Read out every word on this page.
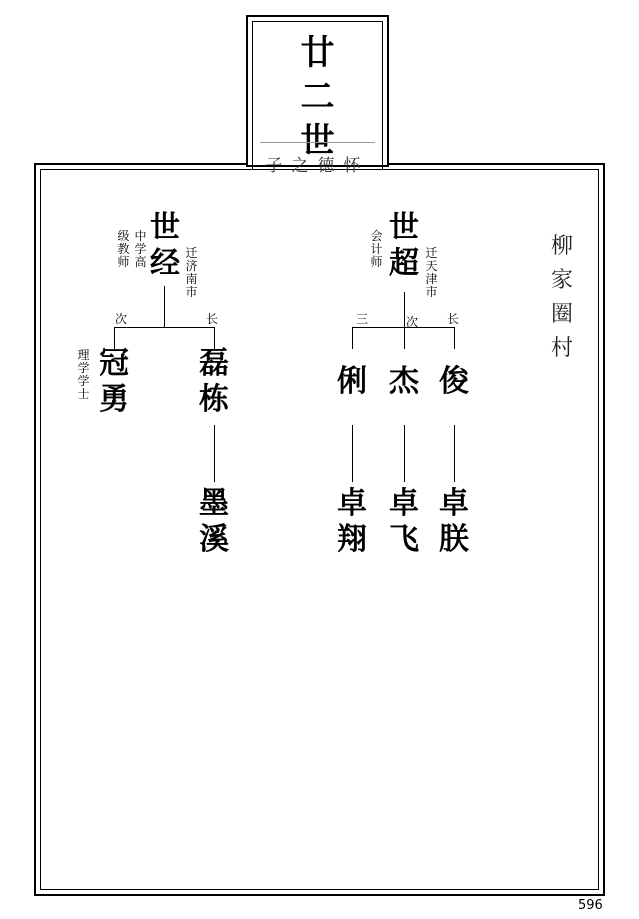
廿
二
世
子之德怀
柳
家
圈
村
世
经
级
教
师
中
学
高
迁
济
南
市
次	长
冠
勇
理
学
学
士
磊
栋
墨
溪
世
超
会
计
师
迁
天
津
市
三	次 长
俐 杰 俊
卓
翔
卓
飞
卓
朕
596
